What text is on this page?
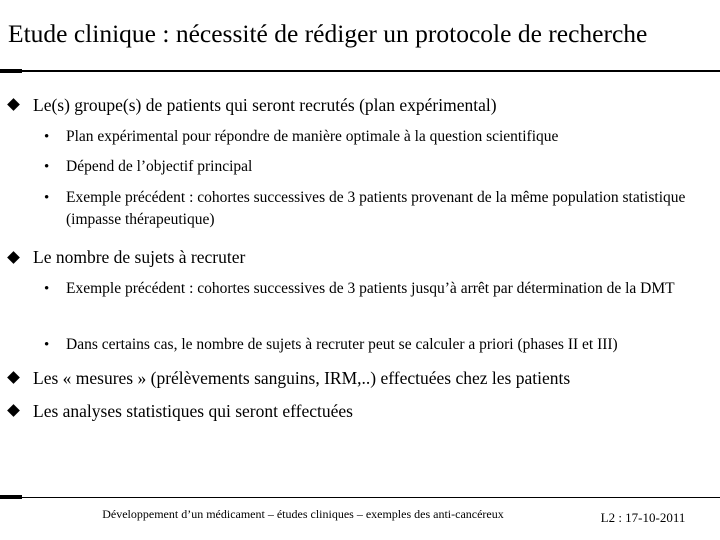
Etude clinique : nécessité de rédiger un protocole de recherche
Le(s) groupe(s) de patients qui seront recrutés (plan expérimental)
• Plan expérimental pour répondre de manière optimale à la question scientifique
• Dépend de l’objectif principal
• Exemple précédent : cohortes successives de 3 patients provenant de la même population statistique (impasse thérapeutique)
Le nombre de sujets à recruter
• Exemple précédent : cohortes successives de 3 patients jusqu’à arrêt par détermination de la DMT
• Dans certains cas, le nombre de sujets à recruter peut se calculer a priori (phases II et III)
Les « mesures » (prélèvements sanguins, IRM,..) effectuées chez les patients
Les analyses statistiques qui seront effectuées
Développement d’un médicament – études cliniques – exemples des anti-cancéreux	L2 : 17-10-2011
